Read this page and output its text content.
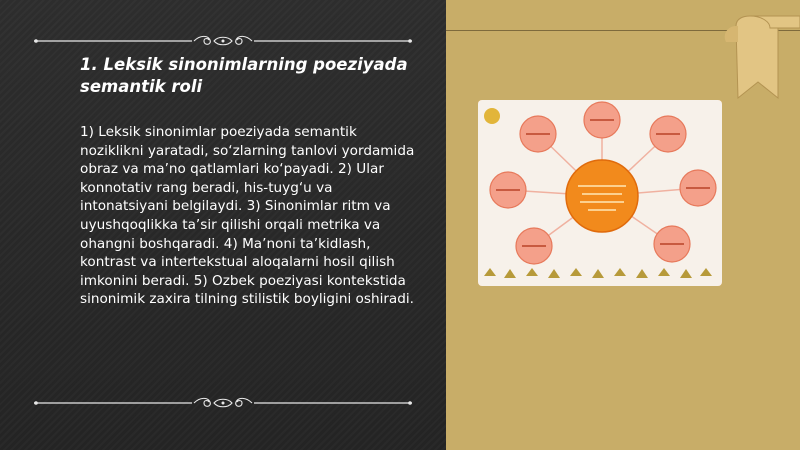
1. Leksik sinonimlarning poeziyada semantik roli
1) Leksik sinonimlar poeziyada semantik nozikliknі yaratadi, so‘zlarning tanlovi yordamida obraz va ma’no qatlamlari ko‘payadi. 2) Ular konnotativ rang beradi, his-tuyg‘u va intonatsiyani belgilaydi. 3) Sinonimlar ritm va uyushqoqlikka ta’sir qilishi orqali metrika va ohangni boshqaradi. 4) Ma’noni ta’kidlash, kontrast va intertekstual aloqalarni hosil qilish imkonini beradi. 5) Ozbek poeziyasi kontekstida sinonimik zaxira tilning stilistik boyligini oshiradi.
